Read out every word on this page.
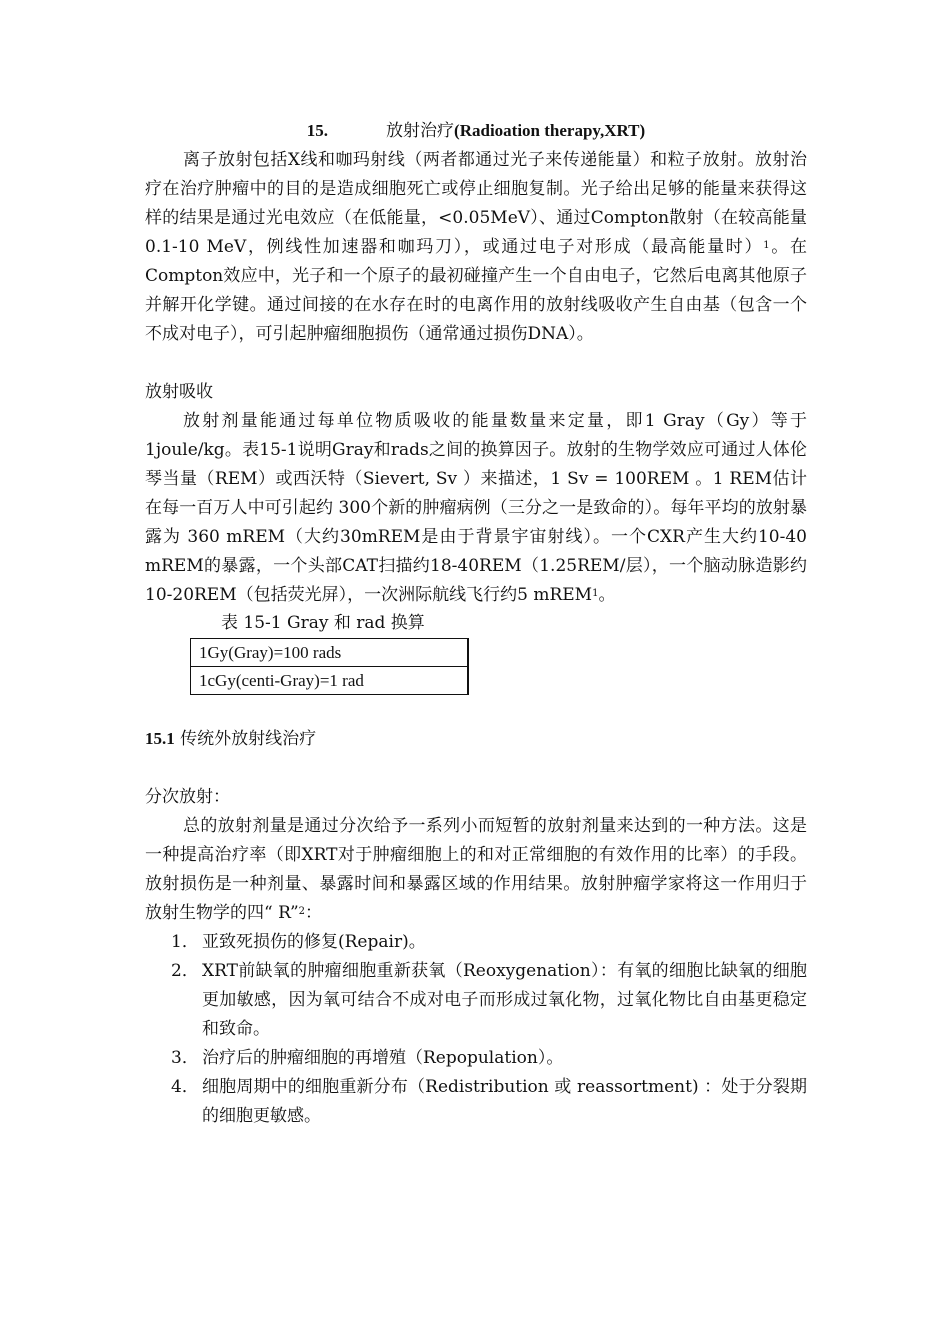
15.	放射治疗(Radioation therapy,XRT)

离子放射包括X线和咖玛射线（两者都通过光子来传递能量）和粒子放射。放射治疗在治疗肿瘤中的目的是造成细胞死亡或停止细胞复制。光子给出足够的能量来获得这样的结果是通过光电效应（在低能量，<0.05MeV）、通过Compton散射（在较高能量0.1-10 MeV，例线性加速器和咖玛刀），或通过电子对形成（最高能量时）$^1$。在Compton效应中，光子和一个原子的最初碰撞产生一个自由电子，它然后电离其他原子并解开化学键。通过间接的在水存在时的电离作用的放射线吸收产生自由基（包含一个不成对电子），可引起肿瘤细胞损伤（通常通过损伤DNA）。

放射吸收

放射剂量能通过每单位物质吸收的能量数量来定量，即1 Gray（Gy）等于1joule/kg。表15-1说明Gray和rads之间的换算因子。放射的生物学效应可通过人体伦琴当量（REM）或西沃特（Sievert, Sv ）来描述，1 Sv = 100REM 。1 REM估计在每一百万人中可引起约 300个新的肿瘤病例（三分之一是致命的）。每年平均的放射暴露为 360 mREM（大约30mREM是由于背景宇宙射线）。一个CXR产生大约10-40 mREM的暴露，一个头部CAT扫描约18-40REM（1.25REM/层），一个脑动脉造影约10-20REM（包括荧光屏），一次洲际航线飞行约5 mREM$^1$。

表 15-1 Gray 和 rad 换算

1Gy(Gray)=100 rads
1cGy(centi-Gray)=1 rad

15.1 传统外放射线治疗

分次放射：

总的放射剂量是通过分次给予一系列小而短暂的放射剂量来达到的一种方法。这是一种提高治疗率（即XRT对于肿瘤细胞上的和对正常细胞的有效作用的比率）的手段。放射损伤是一种剂量、暴露时间和暴露区域的作用结果。放射肿瘤学家将这一作用归于放射生物学的四“ R”$^2$：

1． 亚致死损伤的修复(Repair)。
2． XRT前缺氧的肿瘤细胞重新获氧（Reoxygenation）：有氧的细胞比缺氧的细胞更加敏感，因为氧可结合不成对电子而形成过氧化物，过氧化物比自由基更稳定和致命。
3． 治疗后的肿瘤细胞的再增殖（Repopulation）。
4． 细胞周期中的细胞重新分布（Redistribution 或 reassortment) ：处于分裂期的细胞更敏感。
